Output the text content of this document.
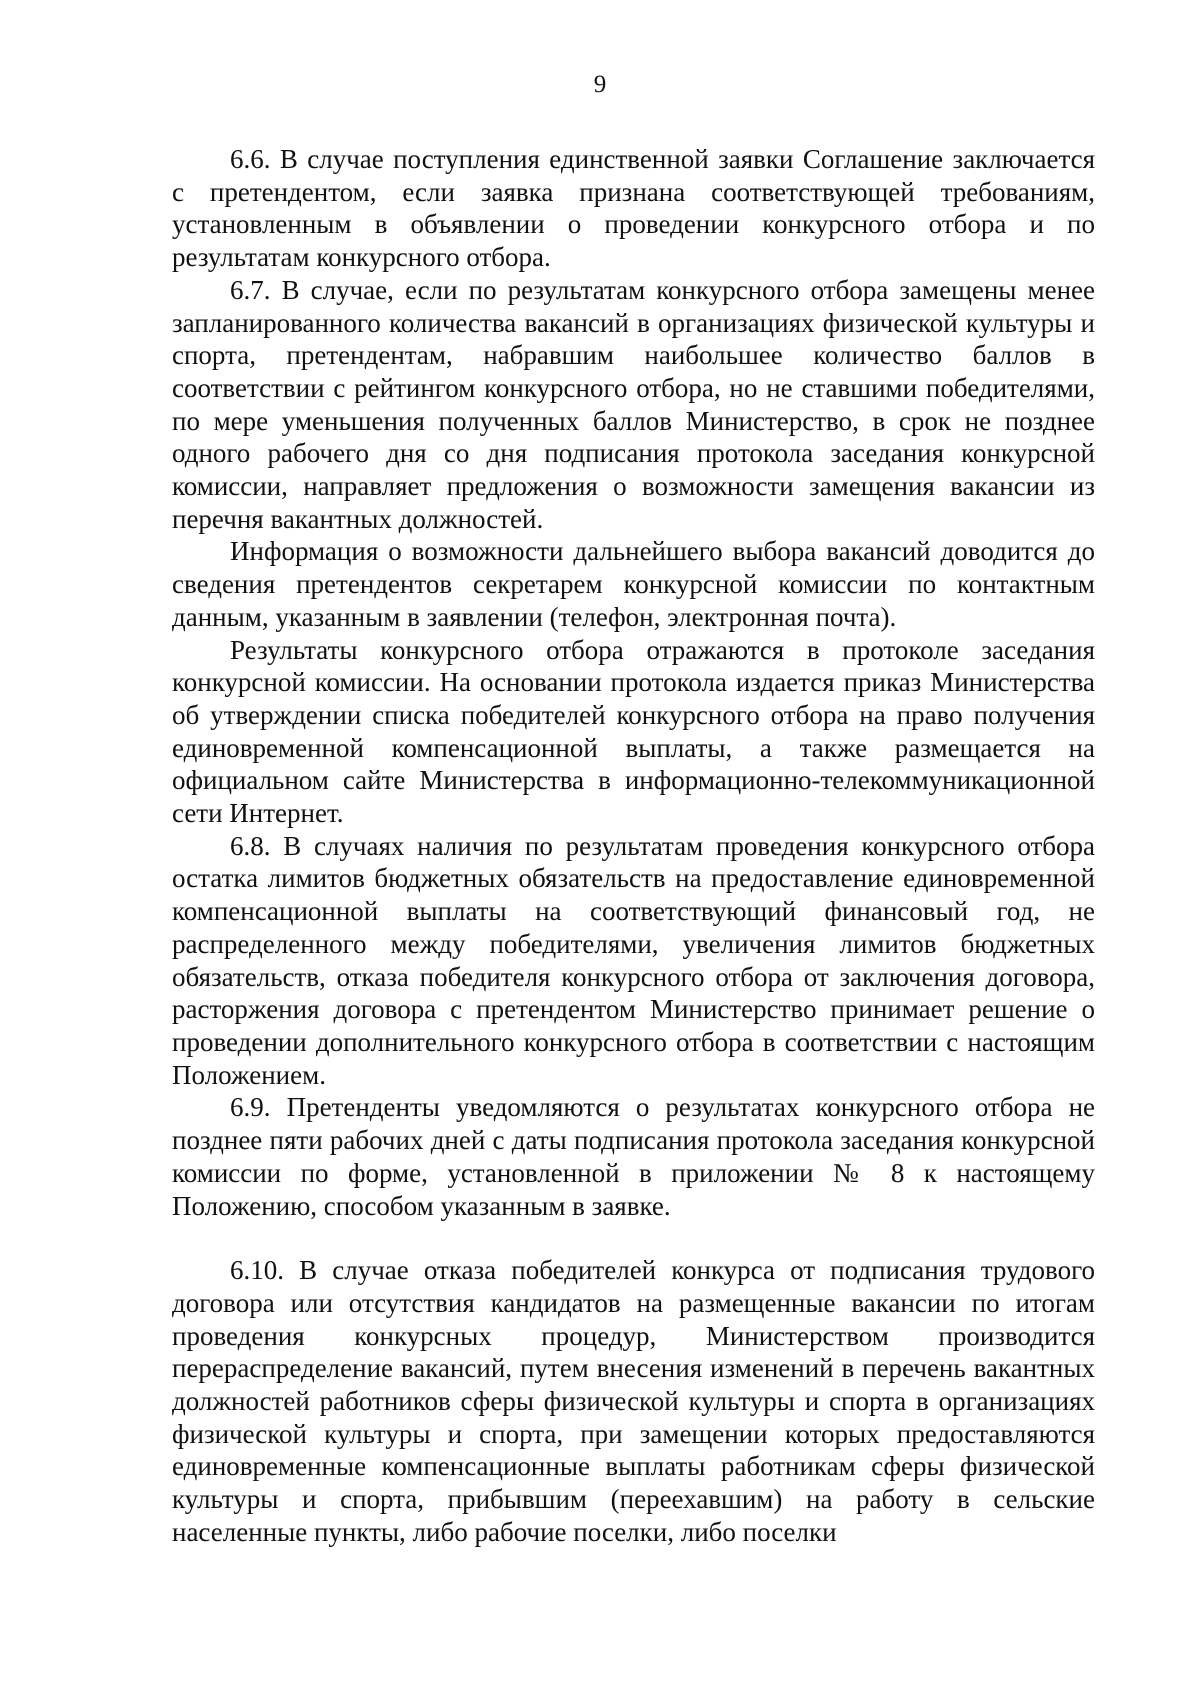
9

6.6. В случае поступления единственной заявки Соглашение заключается с претендентом, если заявка признана соответствующей требованиям, установленным в объявлении о проведении конкурсного отбора и по результатам конкурсного отбора.

6.7. В случае, если по результатам конкурсного отбора замещены менее запланированного количества вакансий в организациях физической культуры и спорта, претендентам, набравшим наибольшее количество баллов в соответствии с рейтингом конкурсного отбора, но не ставшими победителями, по мере уменьшения полученных баллов Министерство, в срок не позднее одного рабочего дня со дня подписания протокола заседания конкурсной комиссии, направляет предложения о возможности замещения вакансии из перечня вакантных должностей.

Информация о возможности дальнейшего выбора вакансий доводится до сведения претендентов секретарем конкурсной комиссии по контактным данным, указанным в заявлении (телефон, электронная почта).

Результаты конкурсного отбора отражаются в протоколе заседания конкурсной комиссии. На основании протокола издается приказ Министерства об утверждении списка победителей конкурсного отбора на право получения единовременной компенсационной выплаты, а также размещается на официальном сайте Министерства в информационно-телекоммуникационной сети Интернет.

6.8. В случаях наличия по результатам проведения конкурсного отбора остатка лимитов бюджетных обязательств на предоставление единовременной компенсационной выплаты на соответствующий финансовый год, не распределенного между победителями, увеличения лимитов бюджетных обязательств, отказа победителя конкурсного отбора от заключения договора, расторжения договора с претендентом Министерство принимает решение о проведении дополнительного конкурсного отбора в соответствии с настоящим Положением.

6.9. Претенденты уведомляются о результатах конкурсного отбора не позднее пяти рабочих дней с даты подписания протокола заседания конкурсной комиссии по форме, установленной в приложении № 8 к настоящему Положению, способом указанным в заявке.

6.10. В случае отказа победителей конкурса от подписания трудового договора или отсутствия кандидатов на размещенные вакансии по итогам проведения конкурсных процедур, Министерством производится перераспределение вакансий, путем внесения изменений в перечень вакантных должностей работников сферы физической культуры и спорта в организациях физической культуры и спорта, при замещении которых предоставляются единовременные компенсационные выплаты работникам сферы физической культуры и спорта, прибывшим (переехавшим) на работу в сельские населенные пункты, либо рабочие поселки, либо поселки
